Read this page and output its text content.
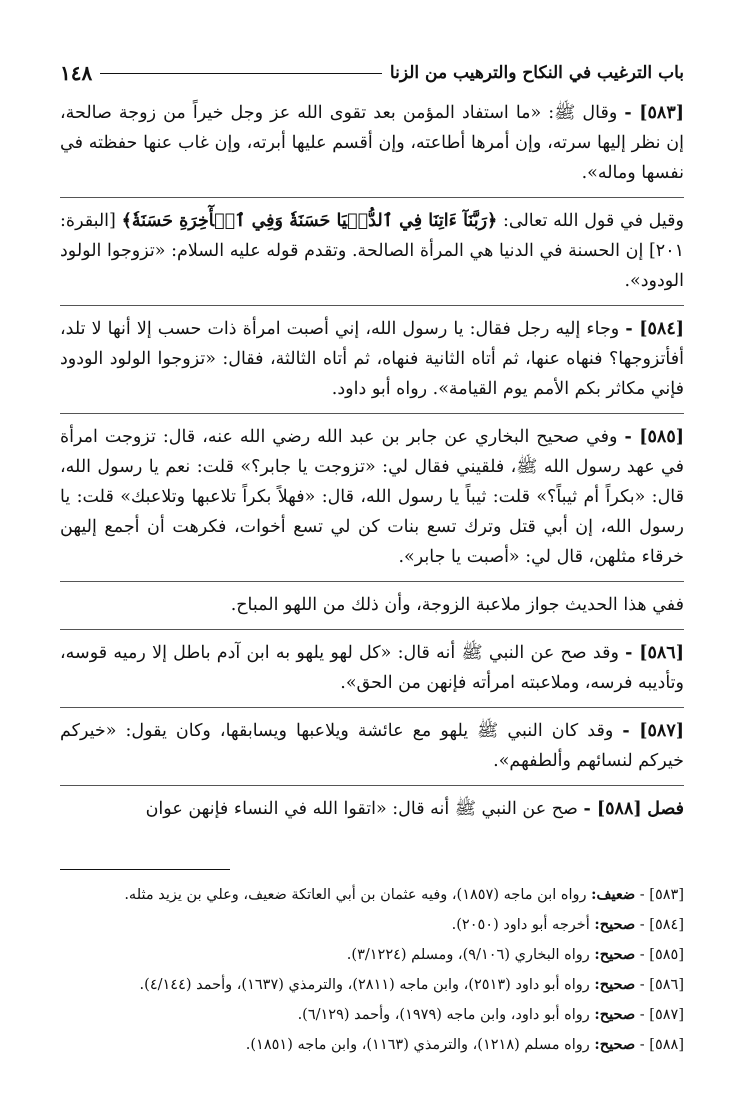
باب الترغيب في النكاح والترهيب من الزنا
١٤٨

[٥٨٣] - وقال ﷺ: «ما استفاد المؤمن بعد تقوى الله عز وجل خيراً من زوجة صالحة، إن نظر إليها سرته، وإن أمرها أطاعته، وإن أقسم عليها أبرته، وإن غاب عنها حفظته في نفسها وماله».

وقيل في قول الله تعالى: ﴿رَبَّنَآ ءَاتِنَا فِي ٱلدُّنۡيَا حَسَنَةٗ وَفِي ٱلۡأٓخِرَةِ حَسَنَةٗ﴾ [البقرة: ٢٠١] إن الحسنة في الدنيا هي المرأة الصالحة. وتقدم قوله عليه السلام: «تزوجوا الولود الودود».

[٥٨٤] - وجاء إليه رجل فقال: يا رسول الله، إني أصبت امرأة ذات حسب إلا أنها لا تلد، أفأتزوجها؟ فنهاه عنها، ثم أتاه الثانية فنهاه، ثم أتاه الثالثة، فقال: «تزوجوا الولود الودود فإني مكاثر بكم الأمم يوم القيامة». رواه أبو داود.

[٥٨٥] - وفي صحيح البخاري عن جابر بن عبد الله رضي الله عنه، قال: تزوجت امرأة في عهد رسول الله ﷺ، فلقيني فقال لي: «تزوجت يا جابر؟» قلت: نعم يا رسول الله، قال: «بكراً أم ثيباً؟» قلت: ثيباً يا رسول الله، قال: «فهلاً بكراً تلاعبها وتلاعبك» قلت: يا رسول الله، إن أبي قتل وترك تسع بنات كن لي تسع أخوات، فكرهت أن أجمع إليهن خرقاء مثلهن، قال لي: «أصبت يا جابر».

ففي هذا الحديث جواز ملاعبة الزوجة، وأن ذلك من اللهو المباح.

[٥٨٦] - وقد صح عن النبي ﷺ أنه قال: «كل لهو يلهو به ابن آدم باطل إلا رميه قوسه، وتأديبه فرسه، وملاعبته امرأته فإنهن من الحق».

[٥٨٧] - وقد كان النبي ﷺ يلهو مع عائشة ويلاعبها ويسابقها، وكان يقول: «خيركم خيركم لنسائهم وألطفهم».

فصل [٥٨٨] - صح عن النبي ﷺ أنه قال: «اتقوا الله في النساء فإنهن عوان

[٥٨٣] - ضعيف: رواه ابن ماجه (١٨٥٧)، وفيه عثمان بن أبي العاتكة ضعيف، وعلي بن يزيد مثله.

[٥٨٤] - صحيح: أخرجه أبو داود (٢٠٥٠).

[٥٨٥] - صحيح: رواه البخاري (٩/١٠٦)، ومسلم (٣/١٢٢٤).

[٥٨٦] - صحيح: رواه أبو داود (٢٥١٣)، وابن ماجه (٢٨١١)، والترمذي (١٦٣٧)، وأحمد (٤/١٤٤).

[٥٨٧] - صحيح: رواه أبو داود، وابن ماجه (١٩٧٩)، وأحمد (٦/١٢٩).

[٥٨٨] - صحيح: رواه مسلم (١٢١٨)، والترمذي (١١٦٣)، وابن ماجه (١٨٥١).
